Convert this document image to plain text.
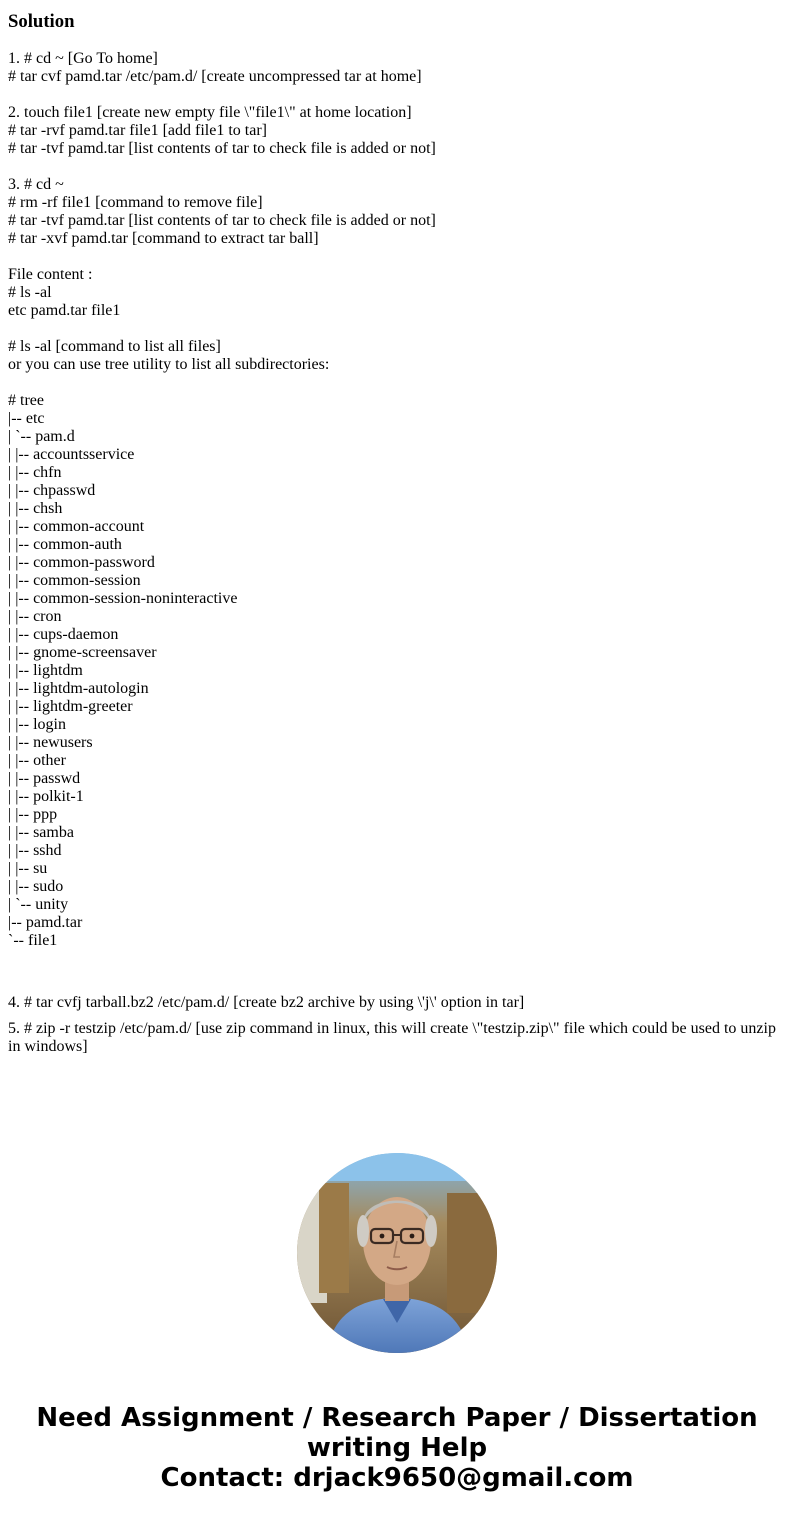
Solution
1. # cd ~ [Go To home]
# tar cvf pamd.tar /etc/pam.d/ [create uncompressed tar at home]
2. touch file1 [create new empty file \"file1\" at home location]
# tar -rvf pamd.tar file1 [add file1 to tar]
# tar -tvf pamd.tar [list contents of tar to check file is added or not]
3. # cd ~
# rm -rf file1 [command to remove file]
# tar -tvf pamd.tar [list contents of tar to check file is added or not]
# tar -xvf pamd.tar [command to extract tar ball]
File content :
# ls -al
etc pamd.tar file1
# ls -al [command to list all files]
or you can use tree utility to list all subdirectories:
# tree
|-- etc
| `-- pam.d
| |-- accountsservice
| |-- chfn
| |-- chpasswd
| |-- chsh
| |-- common-account
| |-- common-auth
| |-- common-password
| |-- common-session
| |-- common-session-noninteractive
| |-- cron
| |-- cups-daemon
| |-- gnome-screensaver
| |-- lightdm
| |-- lightdm-autologin
| |-- lightdm-greeter
| |-- login
| |-- newusers
| |-- other
| |-- passwd
| |-- polkit-1
| |-- ppp
| |-- samba
| |-- sshd
| |-- su
| |-- sudo
| `-- unity
|-- pamd.tar
`-- file1

4. # tar cvfj tarball.bz2 /etc/pam.d/ [create bz2 archive by using \'j\' option in tar]

5. # zip -r testzip /etc/pam.d/ [use zip command in linux, this will create \"testzip.zip\" file which could be used to unzip in windows]

Need Assignment / Research Paper / Dissertation
writing Help
Contact: drjack9650@gmail.com
